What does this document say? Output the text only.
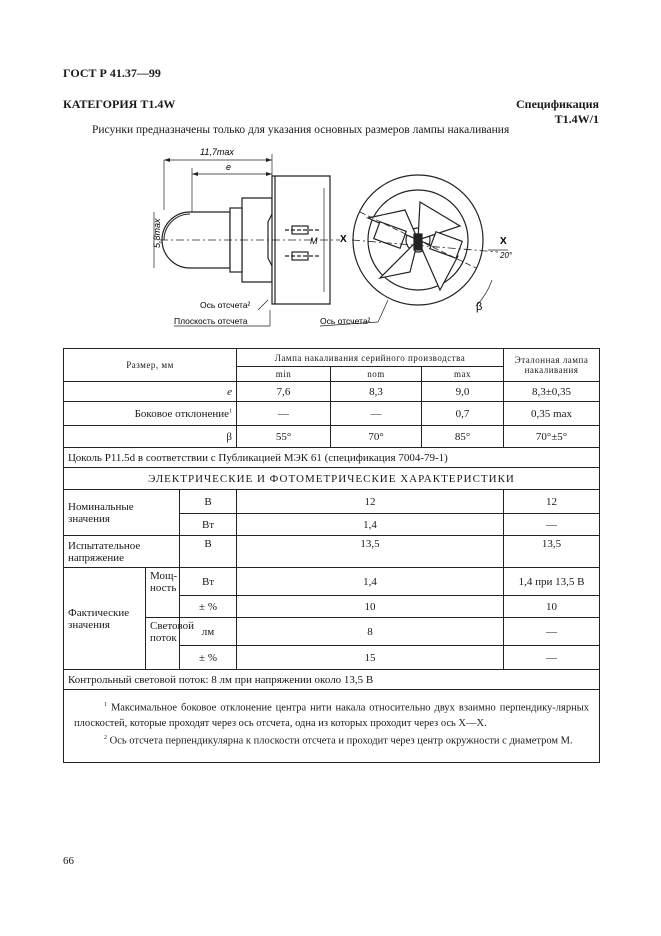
ГОСТ Р 41.37—99
КАТЕГОРИЯ T1.4W	Спецификация T1.4W/1
Рисунки предназначены только для указания основных размеров лампы накаливания
11,7max
e
5,8max	M
Ось отсчета²
Плоскость отсчета	Ось отсчета²
X	X
20°
β
Размер, мм			Лампа накаливания серийного производства			Эталонная лампа накаливания
			min	nom	max	
e			7,6	8,3	9,0	8,3±0,35
Боковое отклонение$^1$			—	—	0,7	0,35 max
β			55°	70°	85°	70°±5°
Цоколь P11.5d в соответствии с Публикацией МЭК 61 (спецификация 7004-79-1)						
ЭЛЕКТРИЧЕСКИЕ И ФОТОМЕТРИЧЕСКИЕ ХАРАКТЕРИСТИКИ						
Номинальные значения		В	12			12
		Вт	1,4			—
Испытательное напряжение		В	13,5			13,5
Фактические значения	Мощ- ность	Вт	1,4			1,4 при 13,5 В
		± %	10			10
	Световой поток	лм	8			—
		± %	15			—
Контрольный световой поток: 8 лм при напряжении около 13,5 В						

$^1$ Максимальное боковое отклонение центра нити накала относительно двух взаимно перпендику-лярных плоскостей, которые проходят через ось отсчета, одна из которых проходит через ось X—X.

$^2$ Ось отсчета перпендикулярна к плоскости отсчета и проходит через центр окружности с диаметром M.						

66
